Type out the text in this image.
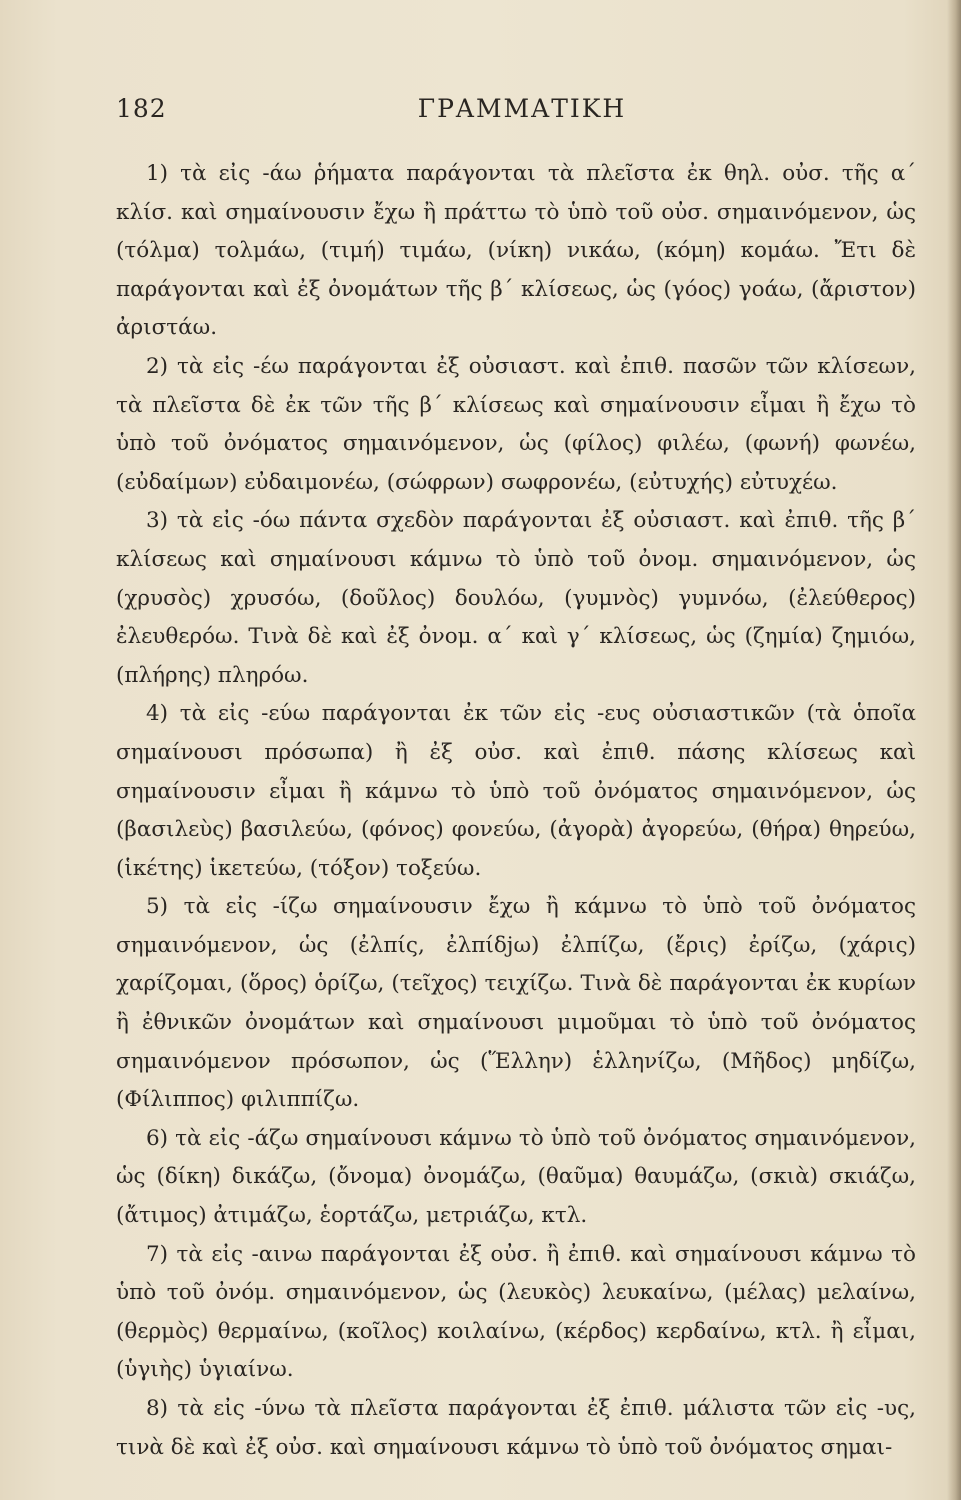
182	ΓΡΑΜΜΑΤΙΚΗ

1) τὰ εἰς -άω ῥήματα παράγονται τὰ πλεῖστα ἐκ θηλ. οὐσ. τῆς α΄ κλίσ. καὶ σημαίνουσιν ἔχω ἢ πράττω τὸ ὑπὸ τοῦ οὐσ. σημαινόμενον, ὡς (τόλμα) τολμάω, (τιμή) τιμάω, (νίκη) νικάω, (κόμη) κομάω. Ἔτι δὲ παράγονται καὶ ἐξ ὀνομάτων τῆς β΄ κλίσεως, ὡς (γόος) γοάω, (ἄριστον) ἀριστάω.

2) τὰ εἰς -έω παράγονται ἐξ οὐσιαστ. καὶ ἐπιθ. πασῶν τῶν κλίσεων, τὰ πλεῖστα δὲ ἐκ τῶν τῆς β΄ κλίσεως καὶ σημαίνουσιν εἶμαι ἢ ἔχω τὸ ὑπὸ τοῦ ὀνόματος σημαινόμενον, ὡς (φίλος) φιλέω, (φωνή) φωνέω, (εὐδαίμων) εὐδαιμονέω, (σώφρων) σωφρονέω, (εὐτυχής) εὐτυχέω.

3) τὰ εἰς -όω πάντα σχεδὸν παράγονται ἐξ οὐσιαστ. καὶ ἐπιθ. τῆς β΄ κλίσεως καὶ σημαίνουσι κάμνω τὸ ὑπὸ τοῦ ὀνομ. σημαινόμενον, ὡς (χρυσὸς) χρυσόω, (δοῦλος) δουλόω, (γυμνὸς) γυμνόω, (ἐλεύθερος) ἐλευθερόω. Τινὰ δὲ καὶ ἐξ ὀνομ. α΄ καὶ γ΄ κλίσεως, ὡς (ζημία) ζημιόω, (πλήρης) πληρόω.

4) τὰ εἰς -εύω παράγονται ἐκ τῶν εἰς -ευς οὐσιαστικῶν (τὰ ὁποῖα σημαίνουσι πρόσωπα) ἢ ἐξ οὐσ. καὶ ἐπιθ. πάσης κλίσεως καὶ σημαίνουσιν εἶμαι ἢ κάμνω τὸ ὑπὸ τοῦ ὀνόματος σημαινόμενον, ὡς (βασιλεὺς) βασιλεύω, (φόνος) φονεύω, (ἀγορὰ) ἀγορεύω, (θήρα) θηρεύω, (ἱκέτης) ἱκετεύω, (τόξον) τοξεύω.

5) τὰ εἰς -ίζω σημαίνουσιν ἔχω ἢ κάμνω τὸ ὑπὸ τοῦ ὀνόματος σημαινόμενον, ὡς (ἐλπίς, ἐλπίδjω) ἐλπίζω, (ἔρις) ἐρίζω, (χάρις) χαρίζομαι, (ὅρος) ὁρίζω, (τεῖχος) τειχίζω. Τινὰ δὲ παράγονται ἐκ κυρίων ἢ ἐθνικῶν ὀνομάτων καὶ σημαίνουσι μιμοῦμαι τὸ ὑπὸ τοῦ ὀνόματος σημαινόμενον πρόσωπον, ὡς (Ἕλλην) ἑλληνίζω, (Μῆδος) μηδίζω, (Φίλιππος) φιλιππίζω.

6) τὰ εἰς -άζω σημαίνουσι κάμνω τὸ ὑπὸ τοῦ ὀνόματος σημαινόμενον, ὡς (δίκη) δικάζω, (ὄνομα) ὀνομάζω, (θαῦμα) θαυμάζω, (σκιὰ) σκιάζω, (ἄτιμος) ἀτιμάζω, ἑορτάζω, μετριάζω, κτλ.

7) τὰ εἰς -αινω παράγονται ἐξ οὐσ. ἢ ἐπιθ. καὶ σημαίνουσι κάμνω τὸ ὑπὸ τοῦ ὀνόμ. σημαινόμενον, ὡς (λευκὸς) λευκαίνω, (μέλας) μελαίνω, (θερμὸς) θερμαίνω, (κοῖλος) κοιλαίνω, (κέρδος) κερδαίνω, κτλ. ἢ εἶμαι, (ὑγιὴς) ὑγιαίνω.

8) τὰ εἰς -ύνω τὰ πλεῖστα παράγονται ἐξ ἐπιθ. μάλιστα τῶν εἰς -υς, τινὰ δὲ καὶ ἐξ οὐσ. καὶ σημαίνουσι κάμνω τὸ ὑπὸ τοῦ ὀνόματος σημαι-
